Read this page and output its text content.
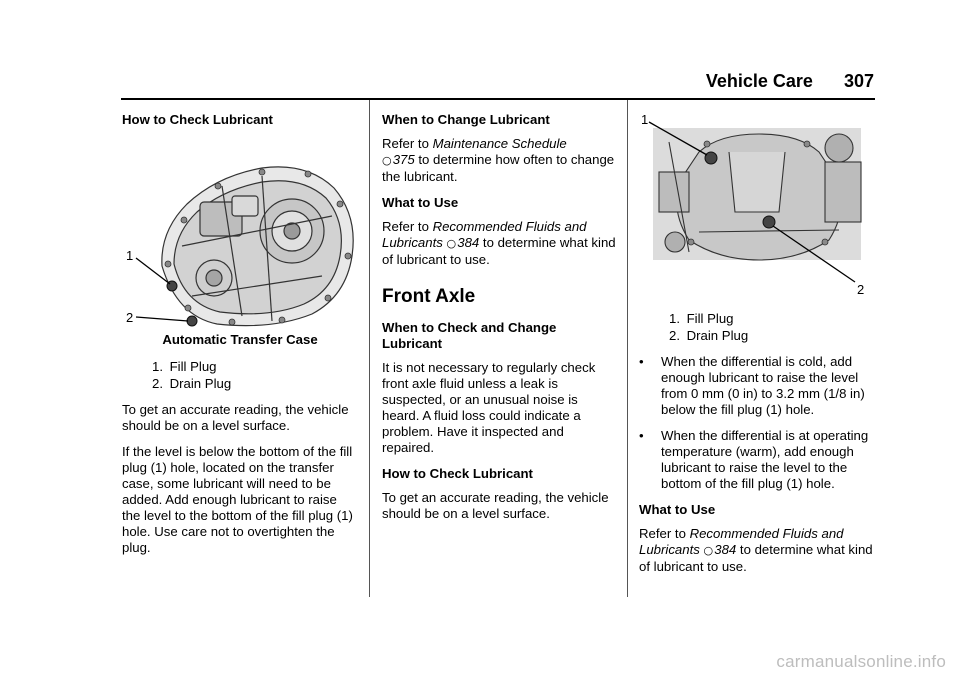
Vehicle Care 307

How to Check Lubricant

1
2

Automatic Transfer Case

1. Fill Plug
2. Drain Plug

To get an accurate reading, the vehicle should be on a level surface.

If the level is below the bottom of the fill plug (1) hole, located on the transfer case, some lubricant will need to be added. Add enough lubricant to raise the level to the bottom of the fill plug (1) hole. Use care not to overtighten the plug.

When to Change Lubricant

Refer to Maintenance Schedule
○ 375 to determine how often to change the lubricant.

What to Use

Refer to Recommended Fluids and Lubricants ○ 384 to determine what kind of lubricant to use.

Front Axle

When to Check and Change Lubricant

It is not necessary to regularly check front axle fluid unless a leak is suspected, or an unusual noise is heard. A fluid loss could indicate a problem. Have it inspected and repaired.

How to Check Lubricant

To get an accurate reading, the vehicle should be on a level surface.

1
2
1. Fill Plug
2. Drain Plug
• When the differential is cold, add enough lubricant to raise the level from 0 mm (0 in) to 3.2 mm (1/8 in) below the fill plug (1) hole.
• When the differential is at operating temperature (warm), add enough lubricant to raise the level to the bottom of the fill plug (1) hole.

What to Use

Refer to Recommended Fluids and Lubricants ○ 384 to determine what kind of lubricant to use.

carmanualsonline.info
